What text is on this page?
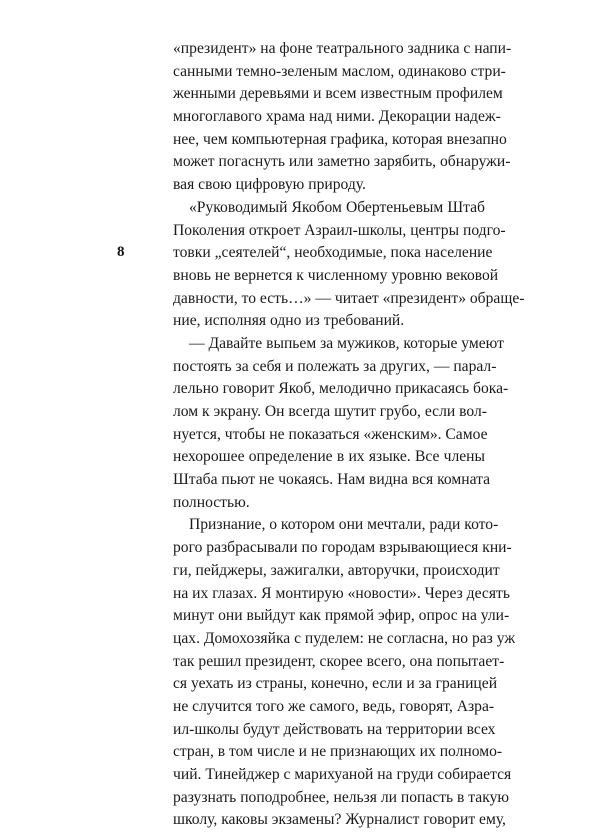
8
«президент» на фоне театрального задника с напи-
санными темно-зеленым маслом, одинаково стри-
женными деревьями и всем известным профилем
многоглавого храма над ними. Декорации надеж-
нее, чем компьютерная графика, которая внезапно
может погаснуть или заметно зарябить, обнаружи-
вая свою цифровую природу.
«Руководимый Якобом Обертеньевым Штаб
Поколения откроет Азраил-школы, центры подго-
товки „сеятелей“, необходимые, пока население
вновь не вернется к численному уровню вековой
давности, то есть…» — читает «президент» обраще-
ние, исполняя одно из требований.
— Давайте выпьем за мужиков, которые умеют
постоять за себя и полежать за других, — парал-
лельно говорит Якоб, мелодично прикасаясь бока-
лом к экрану. Он всегда шутит грубо, если вол-
нуется, чтобы не показаться «женским». Самое
нехорошее определение в их языке. Все члены
Штаба пьют не чокаясь. Нам видна вся комната
полностью.
Признание, о котором они мечтали, ради кото-
рого разбрасывали по городам взрывающиеся кни-
ги, пейджеры, зажигалки, авторучки, происходит
на их глазах. Я монтирую «новости». Через десять
минут они выйдут как прямой эфир, опрос на ули-
цах. Домохозяйка с пуделем: не согласна, но раз уж
так решил президент, скорее всего, она попытает-
ся уехать из страны, конечно, если и за границей
не случится того же самого, ведь, говорят, Азра-
ил-школы будут действовать на территории всех
стран, в том числе и не признающих их полномо-
чий. Тинейджер с марихуаной на груди собирается
разузнать поподробнее, нельзя ли попасть в такую
школу, каковы экзамены? Журналист говорит ему,
